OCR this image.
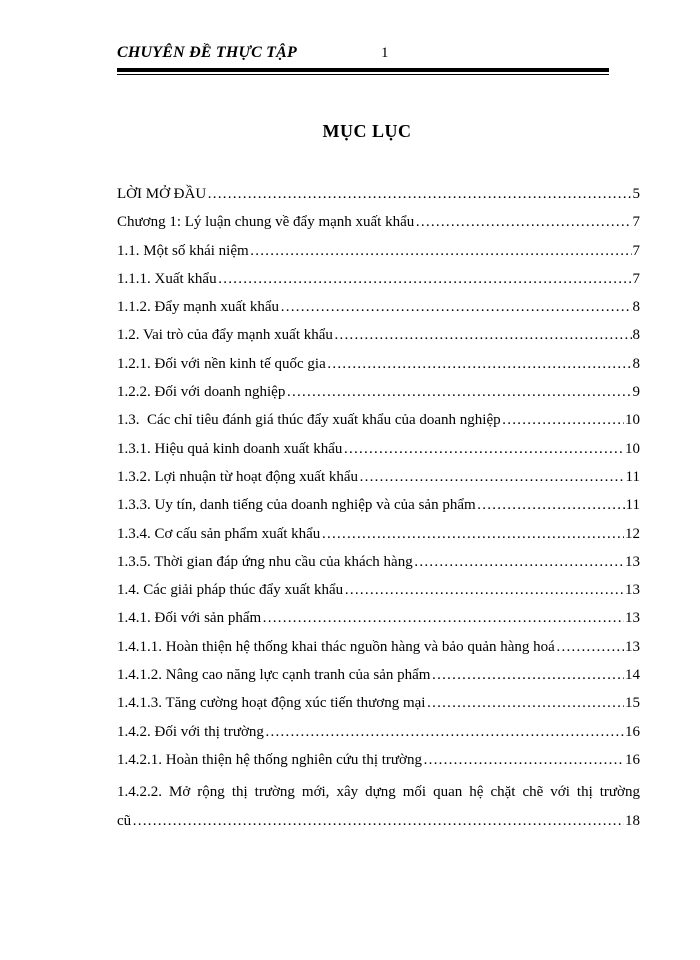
CHUYÊN ĐỀ THỰC TẬP	1
MỤC LỤC
LỜI MỞ ĐẦU ……………………………………………………………………………………………………………………………………………………………………	5
Chương 1: Lý luận chung về đẩy mạnh xuất khẩu ……………………………………………………………………………………………………………………………………………………………………	7
1.1. Một số khái niệm ……………………………………………………………………………………………………………………………………………………………………	7
1.1.1. Xuất khẩu ……………………………………………………………………………………………………………………………………………………………………	7
1.1.2. Đẩy mạnh xuất khẩu ……………………………………………………………………………………………………………………………………………………………………	8
1.2. Vai trò của đẩy mạnh xuất khẩu ……………………………………………………………………………………………………………………………………………………………………	8
1.2.1. Đối với nền kinh tế quốc gia ……………………………………………………………………………………………………………………………………………………………………	8
1.2.2. Đối với doanh nghiệp ……………………………………………………………………………………………………………………………………………………………………	9
1.3.  Các chỉ tiêu đánh giá thúc đẩy xuất khẩu của doanh nghiệp ……………………………………………………………………………………………………………………………………………………………………	10
1.3.1. Hiệu quả kinh doanh xuất khẩu ……………………………………………………………………………………………………………………………………………………………………	10
1.3.2. Lợi nhuận từ hoạt động xuất khẩu ……………………………………………………………………………………………………………………………………………………………………	11
1.3.3. Uy tín, danh tiếng của doanh nghiệp và của sản phẩm ……………………………………………………………………………………………………………………………………………………………………	11
1.3.4. Cơ cấu sản phẩm xuất khẩu ……………………………………………………………………………………………………………………………………………………………………	12
1.3.5. Thời gian đáp ứng nhu cầu của khách hàng ……………………………………………………………………………………………………………………………………………………………………	13
1.4. Các giải pháp thúc đẩy xuất khẩu ……………………………………………………………………………………………………………………………………………………………………	13
1.4.1. Đối với sản phẩm ……………………………………………………………………………………………………………………………………………………………………	13
1.4.1.1. Hoàn thiện hệ thống khai thác nguồn hàng và bảo quản hàng hoá ……………………………………………………………………………………………………………………………………………………………………	13
1.4.1.2. Nâng cao năng lực cạnh tranh của sản phẩm ……………………………………………………………………………………………………………………………………………………………………	14
1.4.1.3. Tăng cường hoạt động xúc tiến thương mại ……………………………………………………………………………………………………………………………………………………………………	15
1.4.2. Đối với thị trường ……………………………………………………………………………………………………………………………………………………………………	16
1.4.2.1. Hoàn thiện hệ thống nghiên cứu thị trường ……………………………………………………………………………………………………………………………………………………………………	16
1.4.2.2. Mở rộng thị trường mới, xây dựng mối quan hệ chặt chẽ với thị trường
cũ ……………………………………………………………………………………………………………………………………………………………………	18
